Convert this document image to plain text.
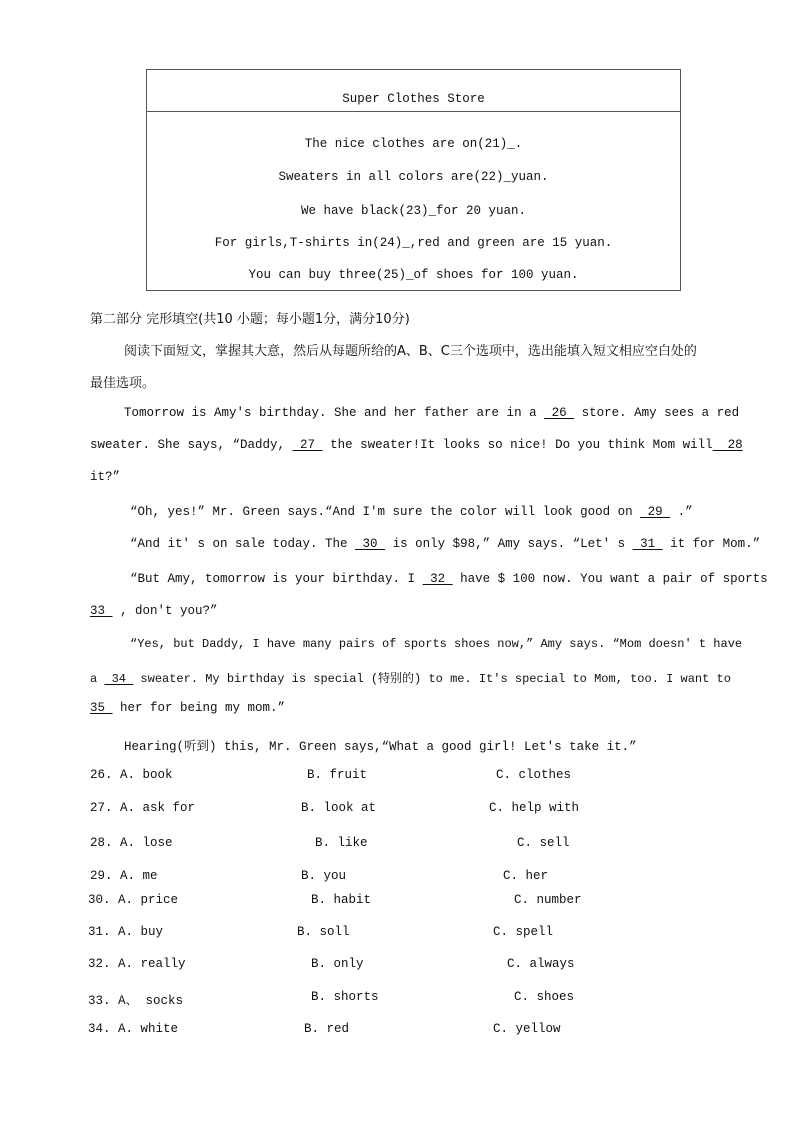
Super Clothes Store
The nice clothes are on(21)_.
Sweaters in all colors are(22)_yuan.
We have black(23)_for 20 yuan.
For girls,T-shirts in(24)_,red and green are 15 yuan.
You can buy three(25)_of shoes for 100 yuan.
第二部分 完形填空(共10 小题；每小题1分，满分10分)
阅读下面短文，掌握其大意，然后从每题所给的A、B、C三个选项中，选出能填入短文相应空白处的
最佳选项。
Tomorrow is Amy's birthday. She and her father are in a  26  store. Amy sees a red
sweater. She says, “Daddy,  27  the sweater!It looks so nice! Do you think Mom will  28
it?”
“Oh, yes!” Mr. Green says.“And I'm sure the color will look good on  29  .”
“And it' s on sale today. The  30  is only $98,” Amy says. “Let' s  31  it for Mom.”
“But Amy, tomorrow is your birthday. I  32  have $ 100 now. You want a pair of sports
33  , don't you?”
“Yes, but Daddy, I have many pairs of sports shoes now,” Amy says. “Mom doesn' t have
a  34  sweater. My birthday is special (特别的) to me. It's special to Mom, too. I want to
35  her for being my mom.”
Hearing(听到) this, Mr. Green says,“What a good girl! Let's take it.”
26. A. book	B. fruit	C. clothes
27. A. ask for	B. look at	C. help with
28. A. lose	B. like	C. sell
29. A. me	B. you	C. her
30. A. price	B. habit	C. number
31. A. buy	B. soll	C. spell
32. A. really	B. only	C. always
33. A、 socks	B. shorts	C. shoes
34. A. white	B. red	C. yellow
